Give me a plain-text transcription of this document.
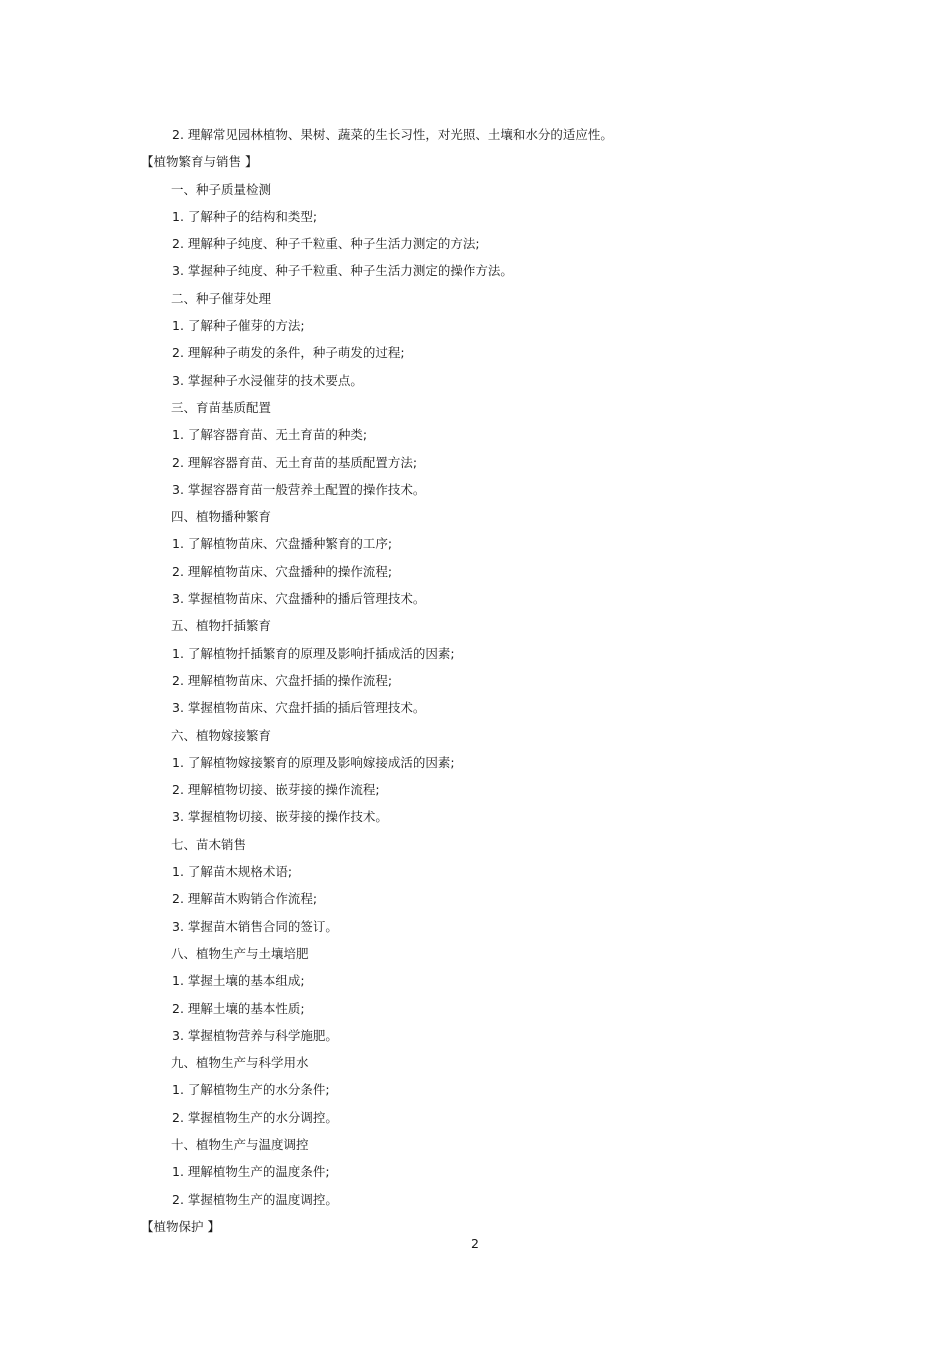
2. 理解常见园林植物、果树、蔬菜的生长习性，对光照、土壤和水分的适应性。
【植物繁育与销售 】
一、种子质量检测
1. 了解种子的结构和类型;
2. 理解种子纯度、种子千粒重、种子生活力测定的方法;
3. 掌握种子纯度、种子千粒重、种子生活力测定的操作方法。
二、种子催芽处理
1. 了解种子催芽的方法;
2. 理解种子萌发的条件，种子萌发的过程;
3. 掌握种子水浸催芽的技术要点。
三、育苗基质配置
1. 了解容器育苗、无土育苗的种类;
2. 理解容器育苗、无土育苗的基质配置方法;
3. 掌握容器育苗一般营养土配置的操作技术。
四、植物播种繁育
1. 了解植物苗床、穴盘播种繁育的工序;
2. 理解植物苗床、穴盘播种的操作流程;
3. 掌握植物苗床、穴盘播种的播后管理技术。
五、植物扦插繁育
1. 了解植物扦插繁育的原理及影响扦插成活的因素;
2. 理解植物苗床、穴盘扦插的操作流程;
3. 掌握植物苗床、穴盘扦插的插后管理技术。
六、植物嫁接繁育
1. 了解植物嫁接繁育的原理及影响嫁接成活的因素;
2. 理解植物切接、嵌芽接的操作流程;
3. 掌握植物切接、嵌芽接的操作技术。
七、苗木销售
1. 了解苗木规格术语;
2. 理解苗木购销合作流程;
3. 掌握苗木销售合同的签订。
八、植物生产与土壤培肥
1. 掌握土壤的基本组成;
2. 理解土壤的基本性质;
3. 掌握植物营养与科学施肥。
九、植物生产与科学用水
1. 了解植物生产的水分条件;
2. 掌握植物生产的水分调控。
十、植物生产与温度调控
1. 理解植物生产的温度条件;
2. 掌握植物生产的温度调控。
【植物保护 】
2
